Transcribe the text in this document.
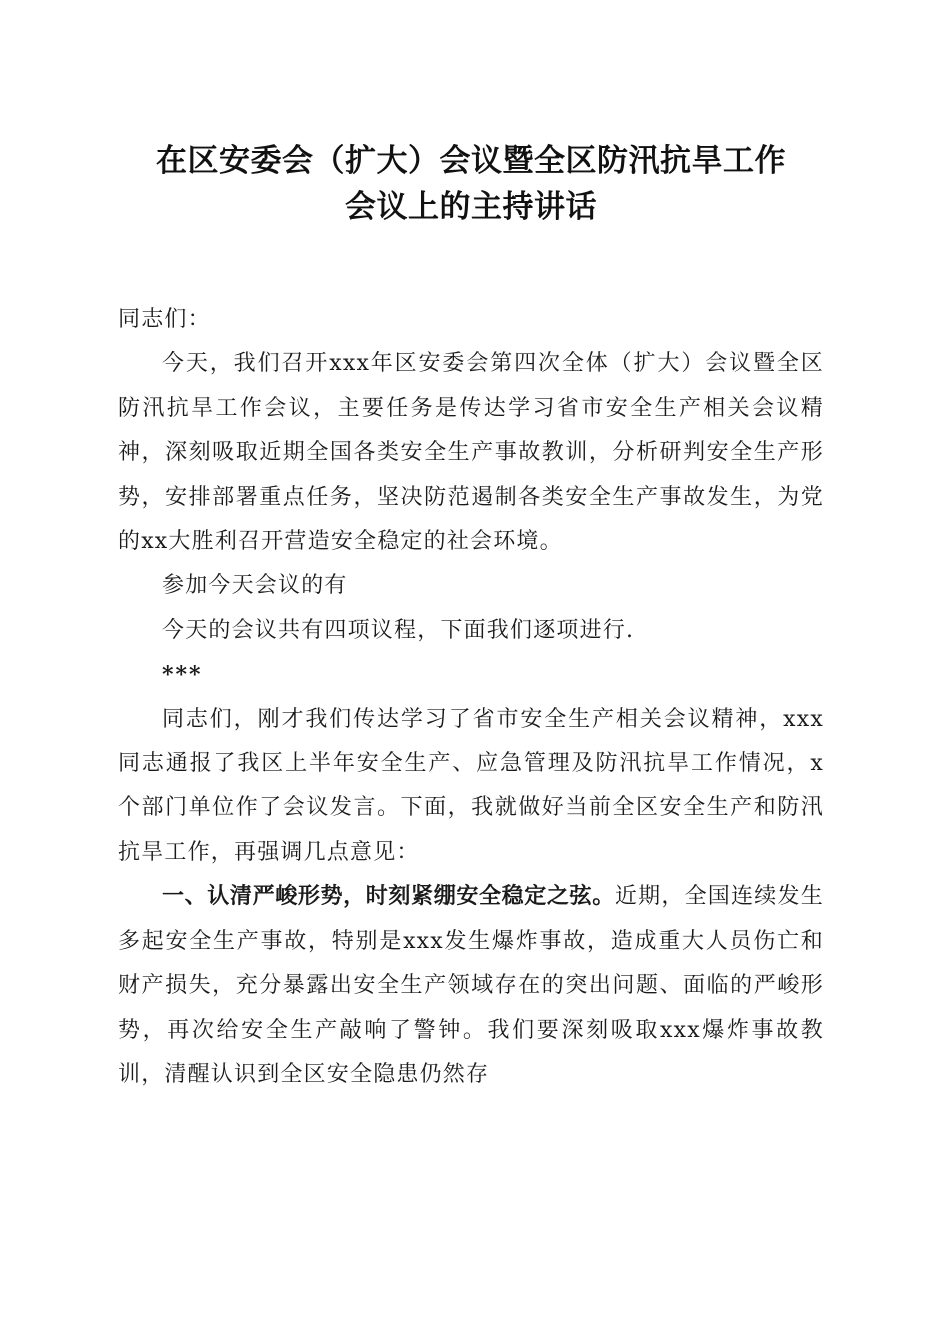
在区安委会（扩大）会议暨全区防汛抗旱工作
会议上的主持讲话

同志们：

今天，我们召开xxx年区安委会第四次全体（扩大）会议暨全区防汛抗旱工作会议，主要任务是传达学习省市安全生产相关会议精神，深刻吸取近期全国各类安全生产事故教训，分析研判安全生产形势，安排部署重点任务，坚决防范遏制各类安全生产事故发生，为党的xx大胜利召开营造安全稳定的社会环境。

参加今天会议的有

今天的会议共有四项议程，下面我们逐项进行.

***

同志们，刚才我们传达学习了省市安全生产相关会议精神，xxx同志通报了我区上半年安全生产、应急管理及防汛抗旱工作情况，x个部门单位作了会议发言。下面，我就做好当前全区安全生产和防汛抗旱工作，再强调几点意见：

一、认清严峻形势，时刻紧绷安全稳定之弦。近期，全国连续发生多起安全生产事故，特别是xxx发生爆炸事故，造成重大人员伤亡和财产损失，充分暴露出安全生产领域存在的突出问题、面临的严峻形势，再次给安全生产敲响了警钟。我们要深刻吸取xxx爆炸事故教训，清醒认识到全区安全隐患仍然存
